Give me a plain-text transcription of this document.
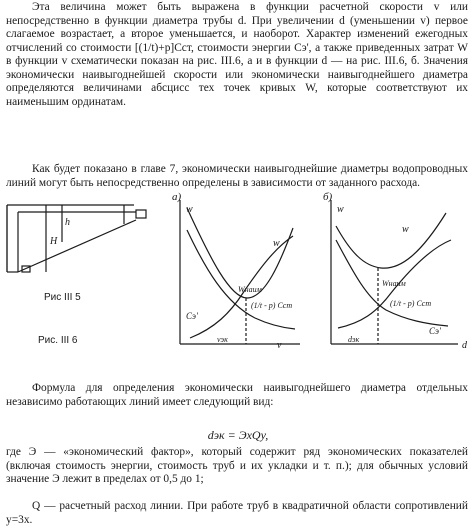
Эта величина может быть выражена в функции расчетной скорости v или непосредственно в функции диаметра трубы d. При увеличении d (уменьшении v) первое слагаемое возрастает, а второе уменьшается, и наоборот. Характер изменений ежегодных отчислений со стоимости [(1/t)+p]Cст, стоимости энергии Cэ', а также приведенных затрат W в функции v схематически показан на рис. III.6, а и в функции d — на рис. III.6, б. Значения экономически наивыгоднейшей скорости или экономически наивыгоднейшего диаметра определяются величинами абсцисс тех точек кривых W, которые соответствуют их наименьшим ординатам.
Как будет показано в главе 7, экономически наивыгоднейшие диаметры водопроводных линий могут быть непосредственно определены в зависимости от заданного расхода.
H
h
Рис III 5
Рис. III 6
а)
w
v
w
Wнаим
Cэ'
(1/t - p) Cст
vэк
б)
w
d
w
Wнаим
Cэ'
(1/t - p) Cст
dэк
Формула для определения экономически наивыгоднейшего диаметра отдельных независимо работающих линий имеет следующий вид:
dэк = ЭxQy,
где Э — «экономический фактор», который содержит ряд экономических показателей (включая стоимость энергии, стоимость труб и их укладки и т. п.); для обычных условий значение Э лежит в пределах от 0,5 до 1;
Q — расчетный расход линии. При работе труб в квадратичной области сопротивлений y=3x.
